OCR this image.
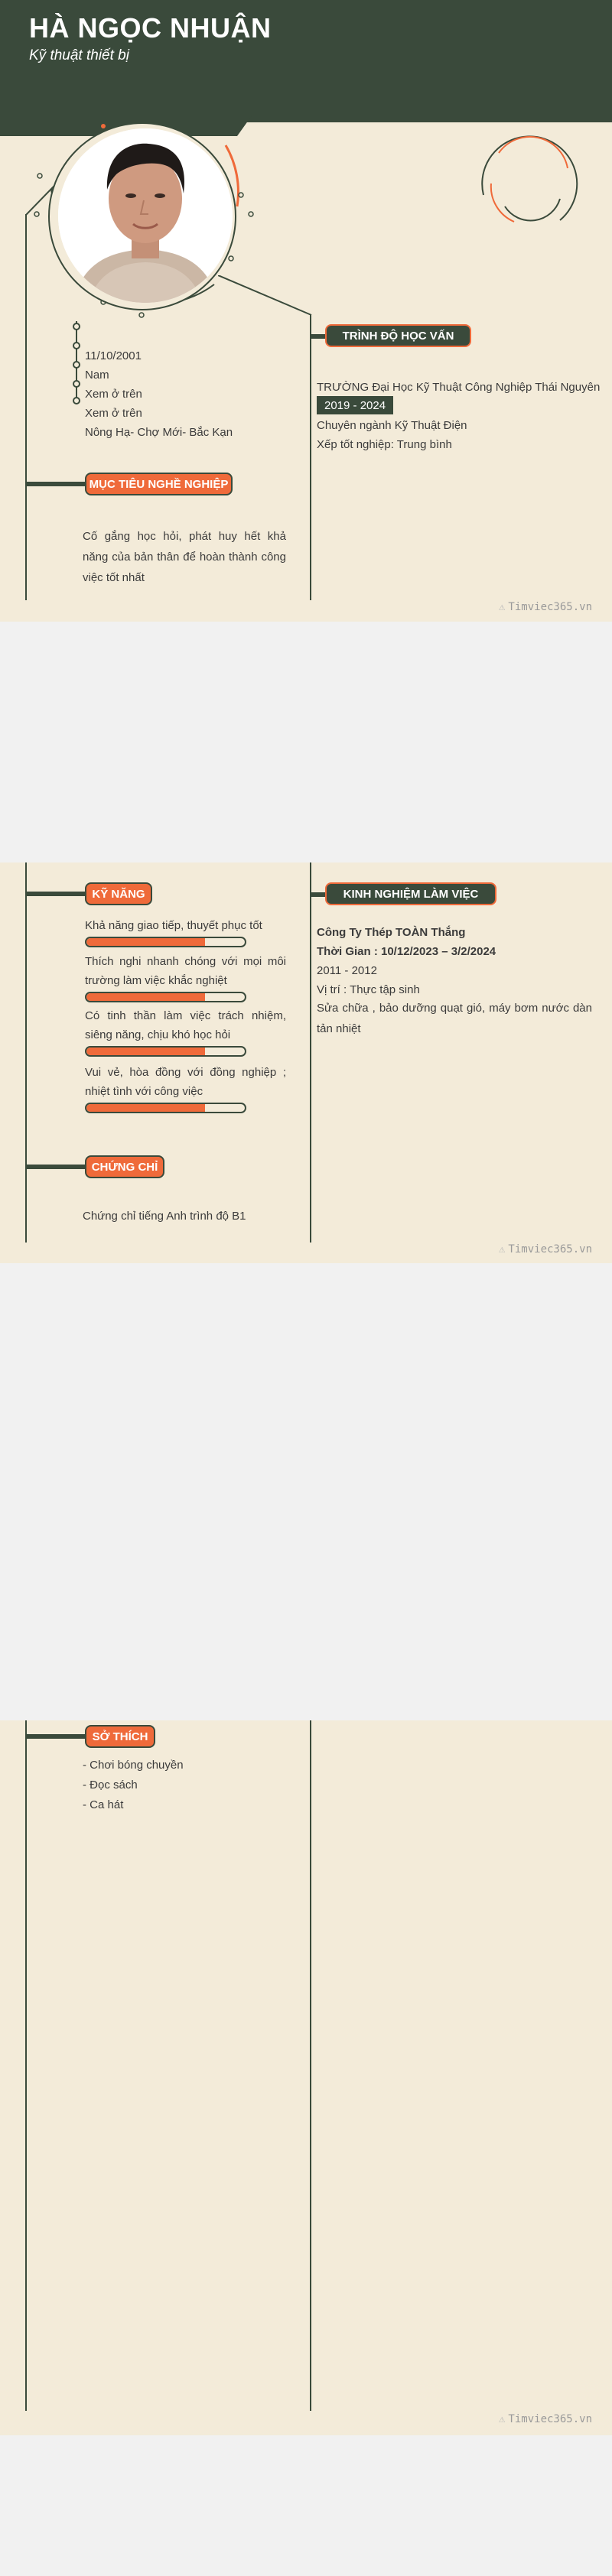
HÀ NGỌC NHUẬN
Kỹ thuật thiết bị
11/10/2001
Nam
Xem ở trên
Xem ở trên
Nông Hạ- Chợ Mới- Bắc Kạn
MỤC TIÊU NGHỀ NGHIỆP
Cố gắng học hỏi, phát huy hết khả năng của bản thân để hoàn thành công việc tốt nhất
TRÌNH ĐỘ HỌC VẤN
TRƯỜNG Đại Học Kỹ Thuật Công Nghiệp Thái Nguyên
2019 - 2024
Chuyên ngành Kỹ Thuật Điện
Xếp tốt nghiệp: Trung bình
⚠ Timviec365.vn
KỸ NĂNG
Khả năng giao tiếp, thuyết phục tốt
Thích nghi nhanh chóng với mọi môi trường làm việc khắc nghiệt
Có tinh thần làm việc trách nhiệm, siêng năng, chịu khó học hỏi
Vui vẻ, hòa đồng với đồng nghiệp ; nhiệt tình với công việc
CHỨNG CHỈ
Chứng chỉ tiếng Anh trình độ B1
KINH NGHIỆM LÀM VIỆC
Công Ty Thép TOÀN Thắng
Thời Gian : 10/12/2023 – 3/2/2024
2011 - 2012
Vị trí : Thực tập sinh
Sửa chữa , bảo dưỡng quạt gió, máy bơm nước dàn tản nhiệt
⚠ Timviec365.vn
SỞ THÍCH
- Chơi bóng chuyền
- Đọc sách
- Ca hát
⚠ Timviec365.vn
